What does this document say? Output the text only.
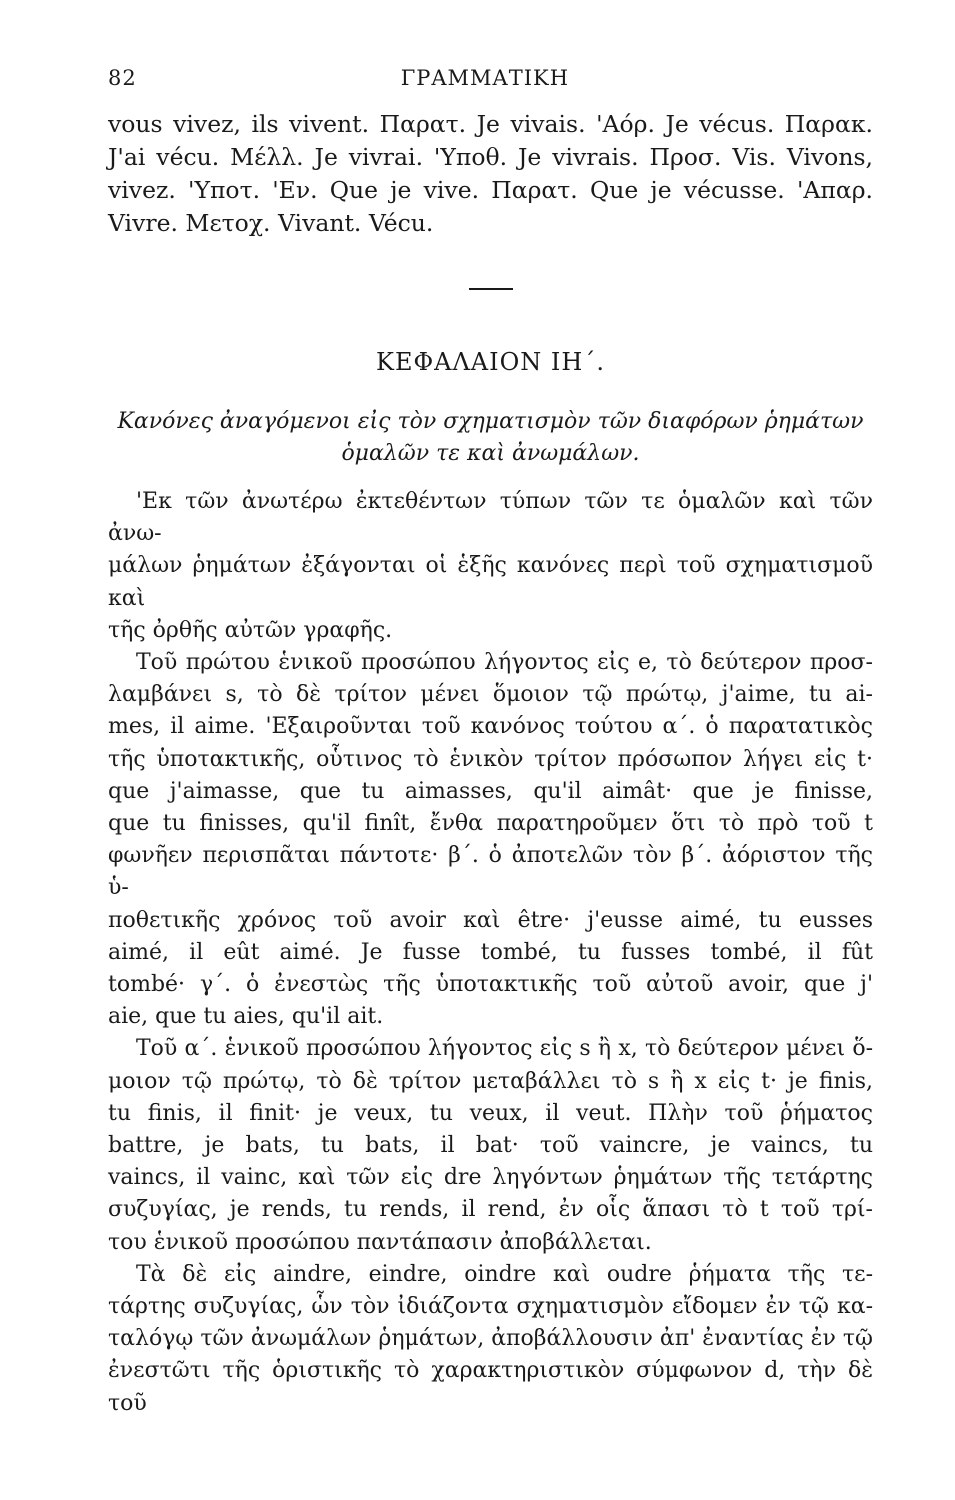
82	ΓΡΑΜΜΑΤΙΚΗ

vous vivez, ils vivent. Παρατ. Je vivais. 'Αόρ. Je vécus. Παρακ.

J'ai vécu. Μέλλ. Je vivrai. 'Υποθ. Je vivrais. Προσ. Vis. Vivons,

vivez. 'Υποτ. 'Εν. Que je vive. Παρατ. Que je vécusse. 'Απαρ.

Vivre. Μετοχ. Vivant. Vécu.

ΚΕΦΑΛΑΙΟΝ ΙΗ΄.
Κανόνες ἀναγόμενοι εἰς τὸν σχηματισμὸν τῶν διαφόρων ῥημάτων
ὁμαλῶν τε καὶ ἀνωμάλων.

'Εκ τῶν ἀνωτέρω ἐκτεθέντων τύπων τῶν τε ὁμαλῶν καὶ τῶν ἀνω-

μάλων ῥημάτων ἐξάγονται οἱ ἑξῆς κανόνες περὶ τοῦ σχηματισμοῦ καὶ

τῆς ὀρθῆς αὐτῶν γραφῆς.

Τοῦ πρώτου ἑνικοῦ προσώπου λήγοντος εἰς e, τὸ δεύτερον προσ-

λαμβάνει s, τὸ δὲ τρίτον μένει ὅμοιον τῷ πρώτῳ, j'aime, tu ai-

mes, il aime. 'Εξαιροῦνται τοῦ κανόνος τούτου α΄. ὁ παρατατικὸς

τῆς ὑποτακτικῆς, οὗτινος τὸ ἑνικὸν τρίτον πρόσωπον λήγει εἰς t·

que j'aimasse, que tu aimasses, qu'il aimât· que je finisse,

que tu finisses, qu'il finît, ἔνθα παρατηροῦμεν ὅτι τὸ πρὸ τοῦ t

φωνῆεν περισπᾶται πάντοτε· β΄. ὁ ἀποτελῶν τὸν β΄. ἀόριστον τῆς ὑ-

ποθετικῆς χρόνος τοῦ avoir καὶ être· j'eusse aimé, tu eusses

aimé, il eût aimé. Je fusse tombé, tu fusses tombé, il fût

tombé· γ΄. ὁ ἐνεστὼς τῆς ὑποτακτικῆς τοῦ αὐτοῦ avoir, que j'

aie, que tu aies, qu'il ait.

Τοῦ α΄. ἑνικοῦ προσώπου λήγοντος εἰς s ἢ x, τὸ δεύτερον μένει ὅ-

μοιον τῷ πρώτῳ, τὸ δὲ τρίτον μεταβάλλει τὸ s ἢ x εἰς t· je finis,

tu finis, il finit· je veux, tu veux, il veut. Πλὴν τοῦ ῥήματος

battre, je bats, tu bats, il bat· τοῦ vaincre, je vaincs, tu

vaincs, il vainc, καὶ τῶν εἰς dre ληγόντων ῥημάτων τῆς τετάρτης

συζυγίας, je rends, tu rends, il rend, ἐν οἷς ἅπασι τὸ t τοῦ τρί-

του ἑνικοῦ προσώπου παντάπασιν ἀποβάλλεται.

Τὰ δὲ εἰς aindre, eindre, oindre καὶ oudre ῥήματα τῆς τε-

τάρτης συζυγίας, ὧν τὸν ἰδιάζοντα σχηματισμὸν εἴδομεν ἐν τῷ κα-

ταλόγῳ τῶν ἀνωμάλων ῥημάτων, ἀποβάλλουσιν ἀπ' ἐναντίας ἐν τῷ

ἐνεστῶτι τῆς ὁριστικῆς τὸ χαρακτηριστικὸν σύμφωνον d, τὴν δὲ τοῦ
